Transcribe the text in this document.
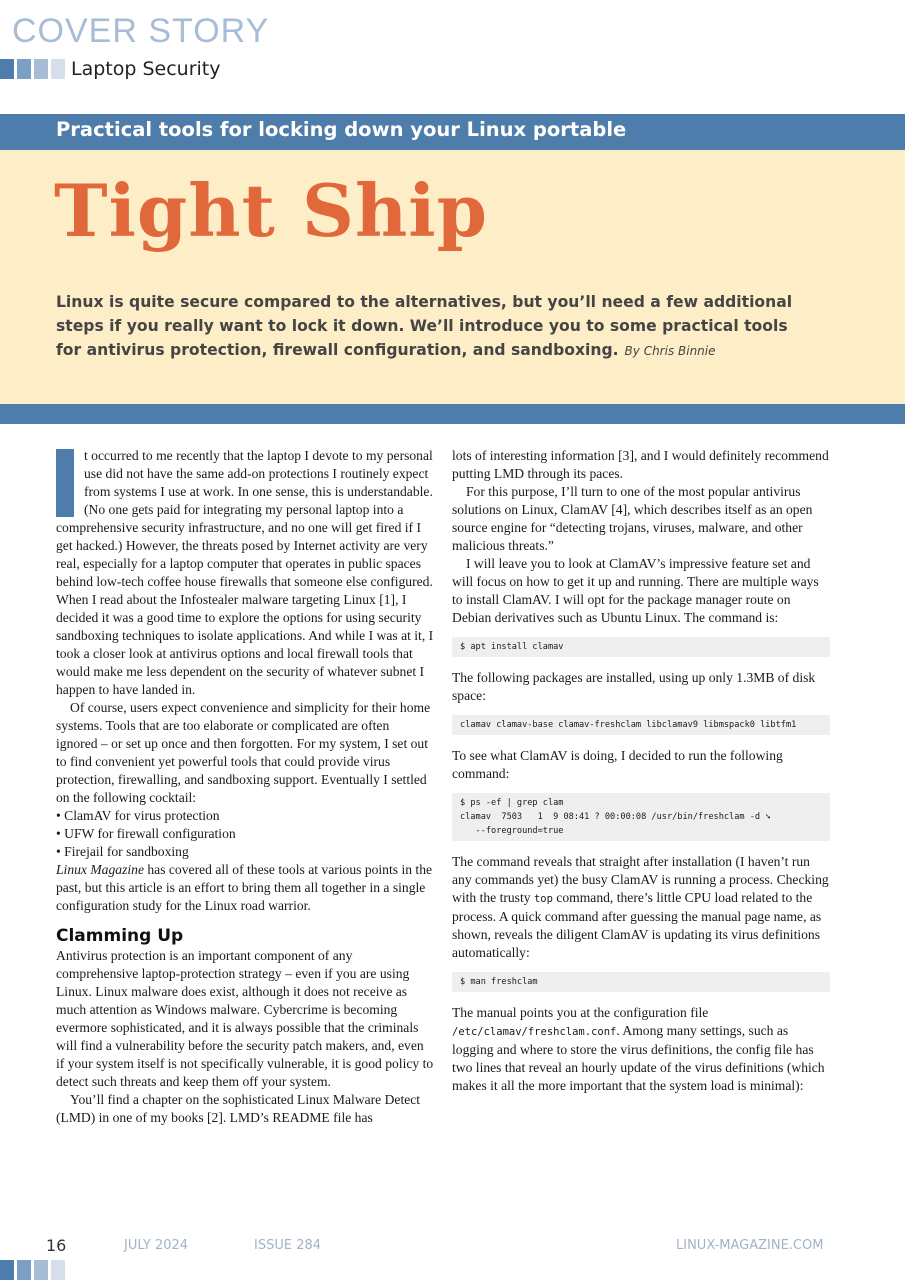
COVER STORY
Laptop Security
Practical tools for locking down your Linux portable
Tight Ship
Linux is quite secure compared to the alternatives, but you’ll need a few additional steps if you really want to lock it down. We’ll introduce you to some practical tools for antivirus protection, firewall configuration, and sandboxing. By Chris Binnie

t occurred to me recently that the laptop I devote to my personal use did not have the same add-on protections I routinely expect from systems I use at work. In one sense, this is understandable. (No one gets paid for integrating my personal laptop into a comprehensive security infrastructure, and no one will get fired if I get hacked.) However, the threats posed by Internet activity are very real, especially for a laptop computer that operates in public spaces behind low-tech coffee house firewalls that someone else configured. When I read about the Infostealer malware targeting Linux [1], I decided it was a good time to explore the options for using security sandboxing techniques to isolate applications. And while I was at it, I took a closer look at antivirus options and local firewall tools that would make me less dependent on the security of whatever subnet I happen to have landed in.

Of course, users expect convenience and simplicity for their home systems. Tools that are too elaborate or complicated are often ignored – or set up once and then forgotten. For my system, I set out to find convenient yet powerful tools that could provide virus protection, firewalling, and sandboxing support. Eventually I settled on the following cocktail:

• ClamAV for virus protection
• UFW for firewall configuration
• Firejail for sandboxing

Linux Magazine has covered all of these tools at various points in the past, but this article is an effort to bring them all together in a single configuration study for the Linux road warrior.

Clamming Up

Antivirus protection is an important component of any comprehensive laptop-protection strategy – even if you are using Linux. Linux malware does exist, although it does not receive as much attention as Windows malware. Cybercrime is becoming evermore sophisticated, and it is always possible that the criminals will find a vulnerability before the security patch makers, and, even if your system itself is not specifically vulnerable, it is good policy to detect such threats and keep them off your system.

You’ll find a chapter on the sophisticated Linux Malware Detect (LMD) in one of my books [2]. LMD’s README file has

lots of interesting information [3], and I would definitely recommend putting LMD through its paces.

For this purpose, I’ll turn to one of the most popular antivirus solutions on Linux, ClamAV [4], which describes itself as an open source engine for “detecting trojans, viruses, malware, and other malicious threats.”

I will leave you to look at ClamAV’s impressive feature set and will focus on how to get it up and running. There are multiple ways to install ClamAV. I will opt for the package manager route on Debian derivatives such as Ubuntu Linux. The command is:

$ apt install clamav

The following packages are installed, using up only 1.3MB of disk space:

clamav clamav-base clamav-freshclam libclamav9 libmspack0 libtfm1

To see what ClamAV is doing, I decided to run the following command:

$ ps -ef | grep clam
clamav  7503   1  9 08:41 ? 00:00:08 /usr/bin/freshclam -d ➘
--foreground=true

The command reveals that straight after installation (I haven’t run any commands yet) the busy ClamAV is running a process. Checking with the trusty top command, there’s little CPU load related to the process. A quick command after guessing the manual page name, as shown, reveals the diligent ClamAV is updating its virus definitions automatically:

$ man freshclam

The manual points you at the configuration file /etc/clamav/freshclam.conf. Among many settings, such as logging and where to store the virus definitions, the config file has two lines that reveal an hourly update of the virus definitions (which makes it all the more important that the system load is minimal):

16	JULY 2024	ISSUE 284	LINUX-MAGAZINE.COM
